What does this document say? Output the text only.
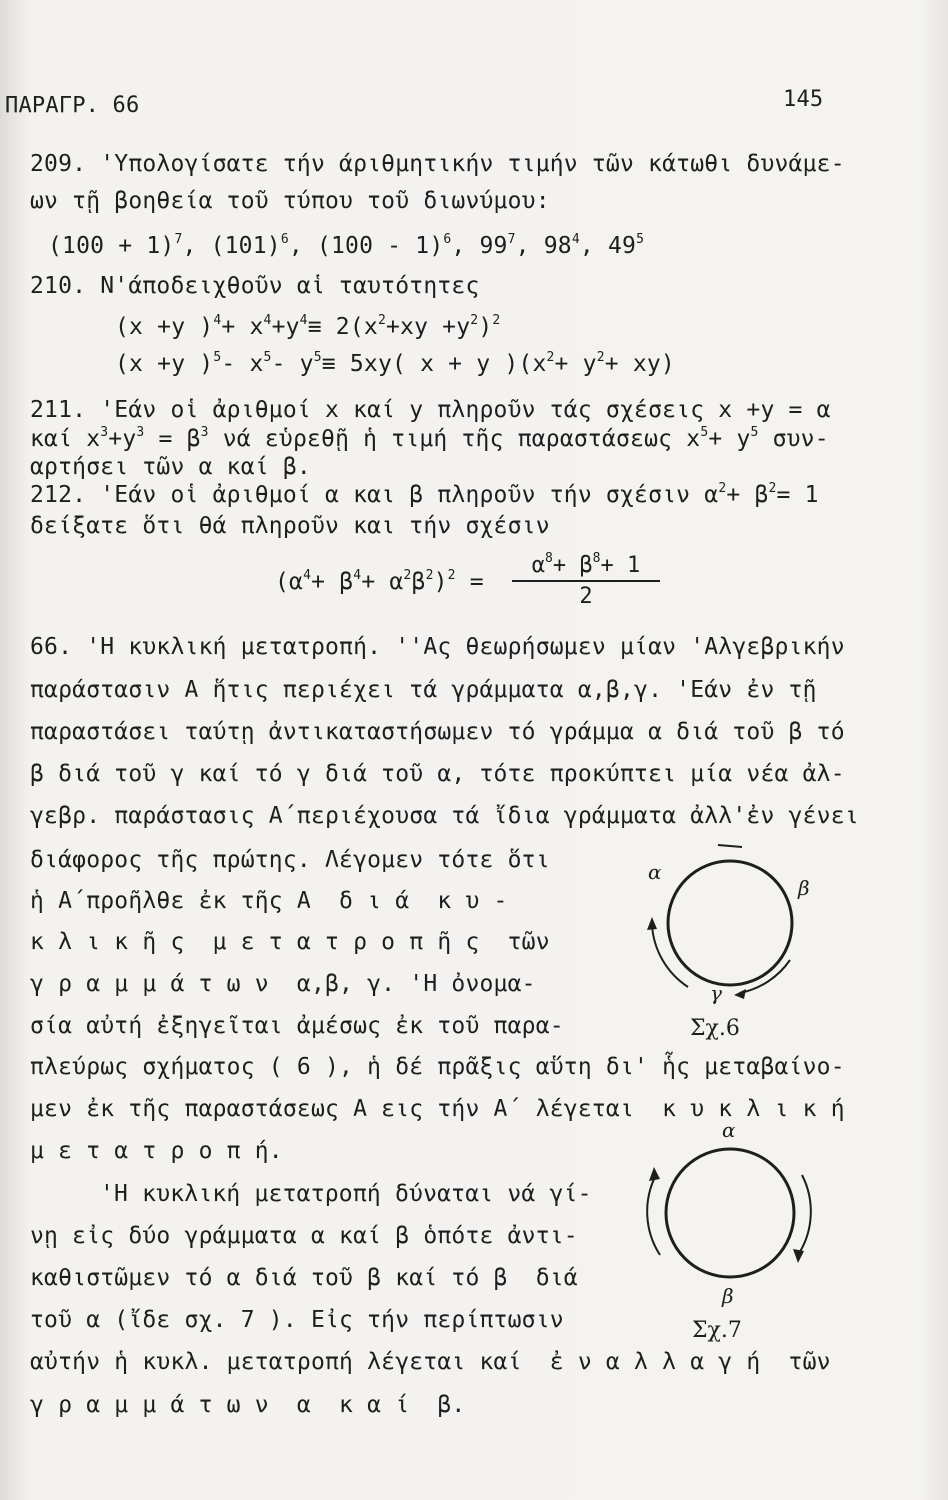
ΠΑΡΑΓΡ. 66	145
209. 'Υπολογίσατε τήν άριθμητικήν τιμήν τῶν κάτωθι δυνάμε-
ων τῇ βοηθεία τοῦ τύπου τοῦ διωνύμου:
$(100 + 1)^7$, $(101)^6$, (100 - 1)$^6$, $99^7$, $98^4$, $49^5$
210. Ν'άποδειχθοῦν αἱ ταυτότητες
(x +y )$^4+ x^4+y^4\equiv 2(x^2+xy +y^2)^2$
(x +y )$^5$- $x^5-$ $y^5\equiv 5xy$( x + y )$(x^2+ y^2+ xy)$
211. 'Εάν οἱ ἀριθμοί x καί y πληροῦν τάς σχέσεις x +y = α
καί $x^3+y^3 = \beta^3$ νά εὑρεθῇ ἡ τιμή τῆς παραστάσεως $x^5+ y^5$ συν-
αρτήσει τῶν α καί β.
212. 'Εάν οἱ ἀριθμοί α και β πληροῦν τήν σχέσιν $\alpha^2+ \beta^2= 1$
δείξατε ὅτι θά πληροῦν και τήν σχέσιν
$(\alpha^4+ \beta^4+ \alpha^2\beta^2)^2$ =
$\alpha^8+ \beta^8+ 1$
2
66. 'Η κυκλική μετατροπή. ''Ας θεωρήσωμεν μίαν 'Αλγεβρικήν
παράστασιν Α ἥτις περιέχει τά γράμματα α,β,γ. 'Εάν ἐν τῇ
παραστάσει ταύτῃ ἀντικαταστήσωμεν τό γράμμα α διά τοῦ β τό
β διά τοῦ γ καί τό γ διά τοῦ α, τότε προκύπτει μία νέα ἀλ-
γεβρ. παράστασις Α΄περιέχουσα τά ἴδια γράμματα ἀλλ'ἐν γένει
διάφορος τῆς πρώτης. Λέγομεν τότε ὅτι
ἡ Α΄προῆλθε ἐκ τῆς Α  δ ι ά  κ υ -
κ λ ι κ ῆ ς  μ ε τ α τ ρ ο π ῆ ς  τῶν
γ ρ α μ μ ά τ ω ν  α,β, γ. 'Η ὀνομα-
σία αὐτή ἐξηγεῖται ἀμέσως ἐκ τοῦ παρα-
πλεύρως σχήματος ( 6 ), ἡ δέ πρᾶξις αὕτη δι' ἧς μεταβαίνο-
μεν ἐκ τῆς παραστάσεως Α εις τήν Α΄ λέγεται  κ υ κ λ ι κ ή
μ ε τ α τ ρ ο π ή.
'Η κυκλική μετατροπή δύναται νά γί-
νῃ εἰς δύο γράμματα α καί β ὁπότε ἀντι-
καθιστῶμεν τό α διά τοῦ β καί τό β  διά
τοῦ α (ἴδε σχ. 7 ). Εἰς τήν περίπτωσιν
αὐτήν ἡ κυκλ. μετατροπή λέγεται καί  ἐ ν α λ λ α γ ή  τῶν
γ ρ α μ μ ά τ ω ν  α  κ α ί  β.
α
β
γ
Σχ.6
α
β
Σχ.7
